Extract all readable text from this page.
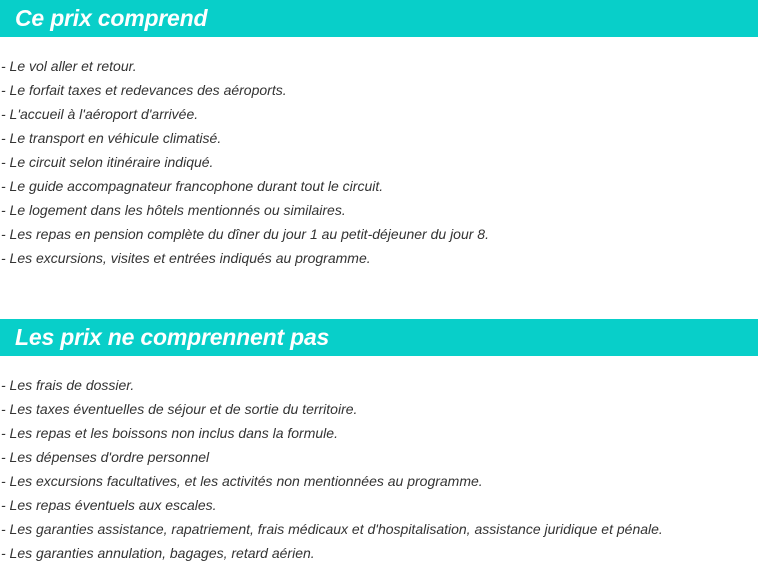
Ce prix comprend
- Le vol aller et retour.
- Le forfait taxes et redevances des aéroports.
- L'accueil à l'aéroport d'arrivée.
- Le transport en véhicule climatisé.
- Le circuit selon itinéraire indiqué.
- Le guide accompagnateur francophone durant tout le circuit.
- Le logement dans les hôtels mentionnés ou similaires.
- Les repas en pension complète du dîner du jour 1 au petit-déjeuner du jour 8.
- Les excursions, visites et entrées indiqués au programme.
Les prix ne comprennent pas
- Les frais de dossier.
- Les taxes éventuelles de séjour et de sortie du territoire.
- Les repas et les boissons non inclus dans la formule.
- Les dépenses d'ordre personnel
- Les excursions facultatives, et les activités non mentionnées au programme.
- Les repas éventuels aux escales.
- Les garanties assistance, rapatriement, frais médicaux et d'hospitalisation, assistance juridique et pénale.
- Les garanties annulation, bagages, retard aérien.
